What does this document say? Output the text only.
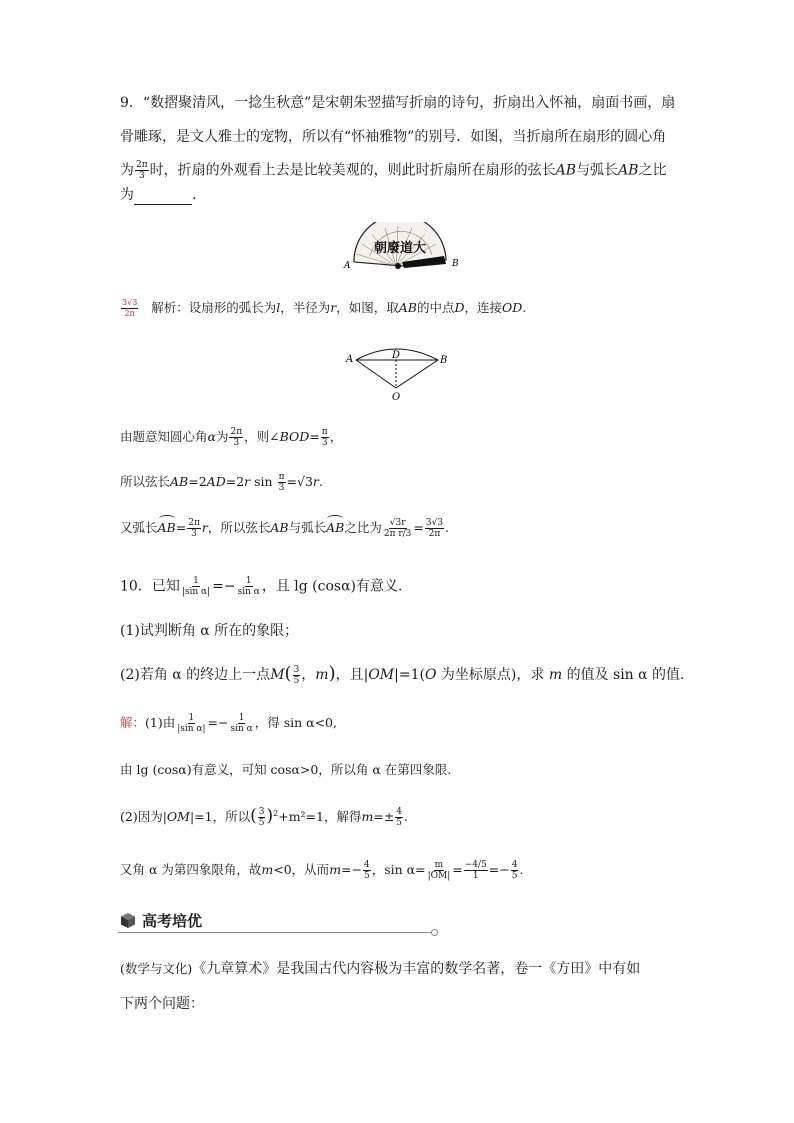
9．“数摺聚清风，一捻生秋意”是宋朝朱翌描写折扇的诗句，折扇出入怀袖，扇面书画，扇
骨雕琢，是文人雅士的宠物，所以有“怀袖雅物”的别号．如图，当折扇所在扇形的圆心角
为 $\frac{2\pi}{3}$ 时，折扇的外观看上去是比较美观的，则此时折扇所在扇形的弦长AB与弧长AB之比
为	.
朝廢道大
A	B
$\frac{3√3}{2\pi}$ 解析：设扇形的弧长为l，半径为r，如图，取AB的中点D，连接OD.
A	D	B
O
由题意知圆心角α为 $\frac{2\pi}{3}$ ，则∠BOD= $\frac{\pi}{3}$ ，
所以弦长AB=2AD=2r $\sin \frac{\pi}{3} =√3r$.
又弧长$AB= \frac{2\pi}{3}$ r，所以弦长AB与弧长AB之比为 $\frac{√3r}{\text{2π r/3}} = \frac{3√3}{2\pi}$ .
10．已知 $\frac{1}{\text{|sin α|}} =- \frac{1}{\text{sin α}}$ ，且 lg (cosα)有意义．
(1)试判断角 α 所在的象限；
(2)若角 α 的终边上一点$M( \frac{3}{5}$ ，m)，且|OM|=1(O 为坐标原点)，求 m 的值及 sin α 的值．
解：(1)由 $\frac{1}{\text{|sin α|}} =- \frac{1}{\text{sin α}}$ ，得 sin α<0,
由 lg (cosα)有意义，可知 cosα>0，所以角 α 在第四象限.
(2)因为|OM|=1，所以( $\frac{3}{5} )^2+m^2=1$，解得$m=\pm \frac{4}{5}$ .
又角 α 为第四象限角，故m<0，从而$m=- \frac{4}{5}$ ，$\sin \alpha= \frac{m}{|OM|} = \frac{-4/5}{1} =- \frac{4}{5}$ .
高考培优
(数学与文化)《九章算术》是我国古代内容极为丰富的数学名著，卷一《方田》中有如
下两个问题：
